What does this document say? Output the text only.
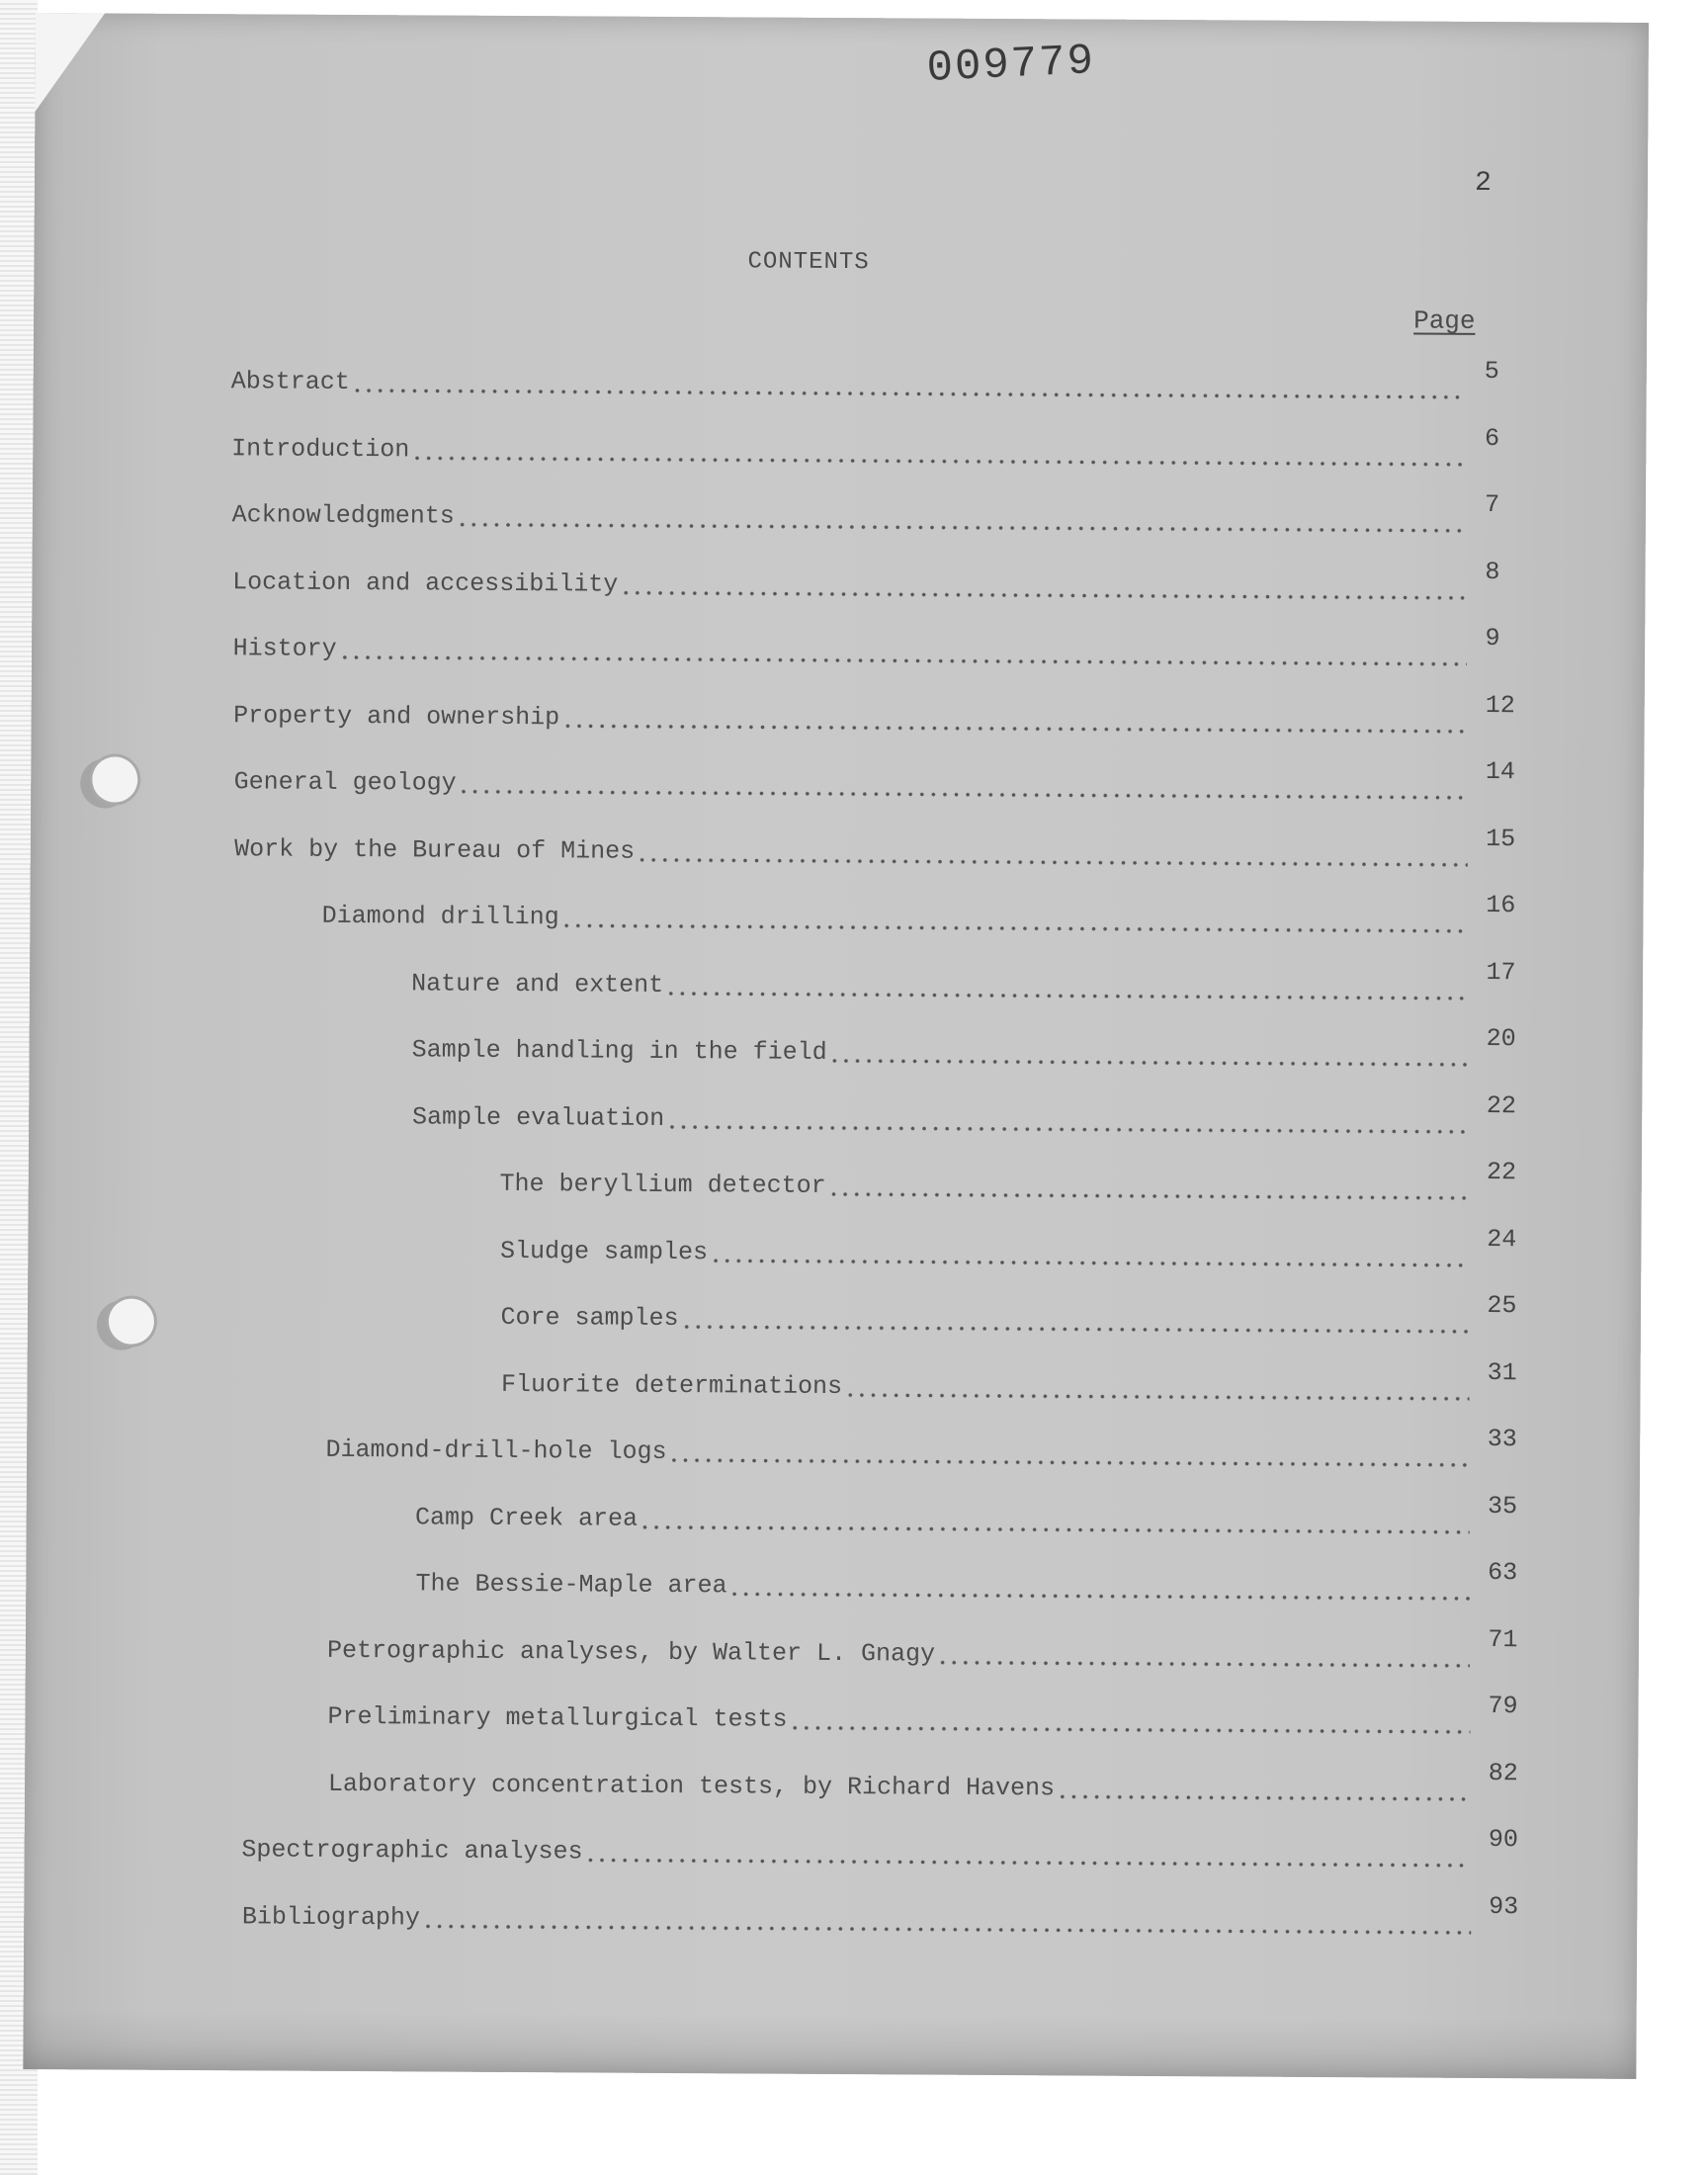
009779
2
CONTENTS
Page
Abstract	5
Introduction	6
Acknowledgments	7
Location and accessibility	8
History	9
Property and ownership	12
General geology	14
Work by the Bureau of Mines	15
Diamond drilling	16
Nature and extent	17
Sample handling in the field	20
Sample evaluation	22
The beryllium detector	22
Sludge samples	24
Core samples	25
Fluorite determinations	31
Diamond-drill-hole logs	33
Camp Creek area	35
The Bessie-Maple area	63
Petrographic analyses, by Walter L. Gnagy	71
Preliminary metallurgical tests	79
Laboratory concentration tests, by Richard Havens	82
Spectrographic analyses	90
Bibliography	93
